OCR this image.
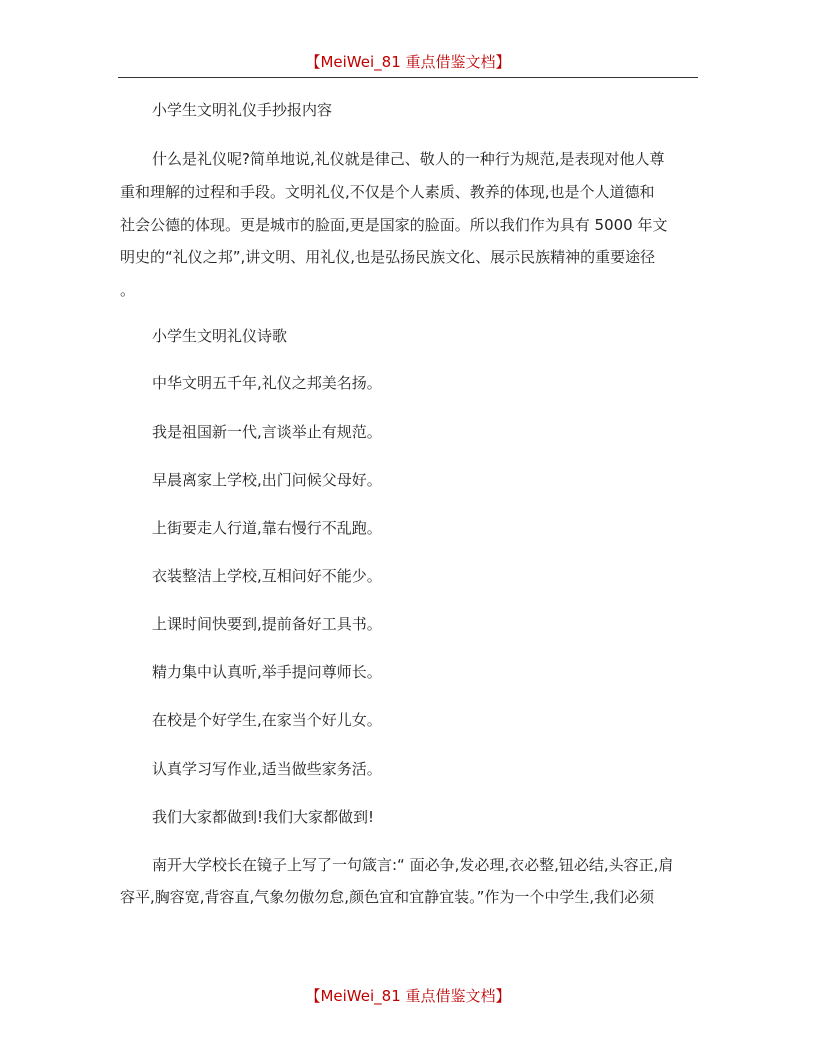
【MeiWei_81 重点借鉴文档】
小学生文明礼仪手抄报内容
什么是礼仪呢?简单地说,礼仪就是律己、敬人的一种行为规范,是表现对他人尊
重和理解的过程和手段。文明礼仪,不仅是个人素质、教养的体现,也是个人道德和
社会公德的体现。更是城市的脸面,更是国家的脸面。所以我们作为具有 5000 年文
明史的“礼仪之邦”,讲文明、用礼仪,也是弘扬民族文化、展示民族精神的重要途径
。
小学生文明礼仪诗歌
中华文明五千年,礼仪之邦美名扬。
我是祖国新一代,言谈举止有规范。
早晨离家上学校,出门问候父母好。
上街要走人行道,靠右慢行不乱跑。
衣装整洁上学校,互相问好不能少。
上课时间快要到,提前备好工具书。
精力集中认真听,举手提问尊师长。
在校是个好学生,在家当个好儿女。
认真学习写作业,适当做些家务活。
我们大家都做到!我们大家都做到!
南开大学校长在镜子上写了一句箴言:“ 面必争,发必理,衣必整,钮必结,头容正,肩
容平,胸容宽,背容直,气象勿傲勿怠,颜色宜和宜静宜装。”作为一个中学生,我们必须
【MeiWei_81 重点借鉴文档】
